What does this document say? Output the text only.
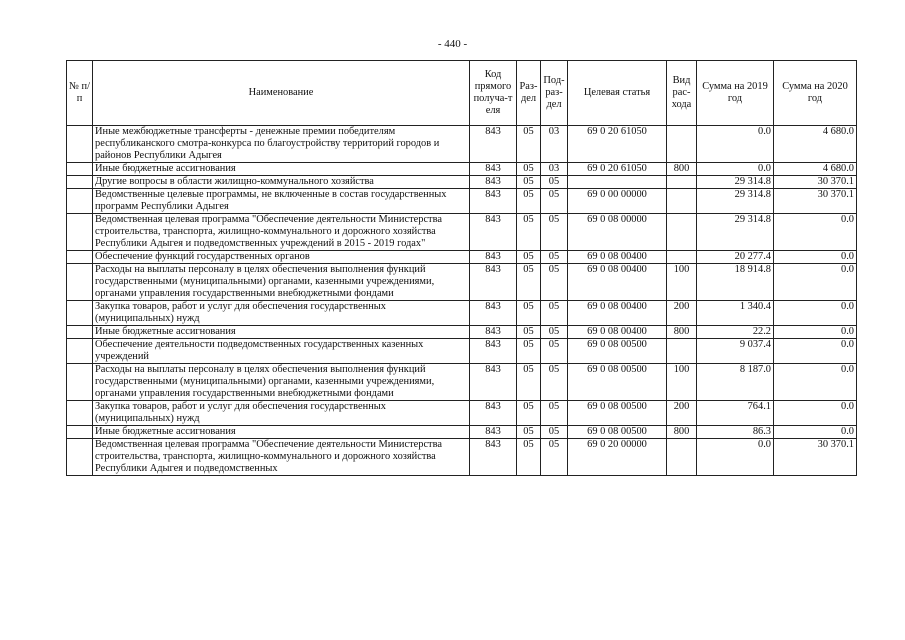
- 440 -
№ п/п	Наименование	Код прямого получа-т еля	Раз-дел	Под-раз-дел	Целевая статья	Вид рас-хода	Сумма на 2019 год	Сумма на 2020 год
	Иные межбюджетные трансферты - денежные премии победителям республиканского смотра-конкурса по благоустройству территорий городов и районов Республики Адыгея	843	05	03	69 0 20 61050		0.0	4 680.0
	Иные бюджетные ассигнования	843	05	03	69 0 20 61050	800	0.0	4 680.0
	Другие вопросы в области жилищно-коммунального хозяйства	843	05	05			29 314.8	30 370.1
	Ведомственные целевые программы, не включенные в состав государственных программ Республики Адыгея	843	05	05	69 0 00 00000		29 314.8	30 370.1
	Ведомственная целевая программа "Обеспечение деятельности Министерства строительства, транспорта, жилищно-коммунального и дорожного хозяйства Республики Адыгея и подведомственных учреждений в 2015 - 2019 годах"	843	05	05	69 0 08 00000		29 314.8	0.0
	Обеспечение функций государственных органов	843	05	05	69 0 08 00400		20 277.4	0.0
	Расходы на выплаты персоналу в целях обеспечения выполнения функций государственными (муниципальными) органами, казенными учреждениями, органами управления государственными внебюджетными фондами	843	05	05	69 0 08 00400	100	18 914.8	0.0
	Закупка товаров, работ и услуг для обеспечения государственных (муниципальных) нужд	843	05	05	69 0 08 00400	200	1 340.4	0.0
	Иные бюджетные ассигнования	843	05	05	69 0 08 00400	800	22.2	0.0
	Обеспечение деятельности подведомственных государственных казенных учреждений	843	05	05	69 0 08 00500		9 037.4	0.0
	Расходы на выплаты персоналу в целях обеспечения выполнения функций государственными (муниципальными) органами, казенными учреждениями, органами управления государственными внебюджетными фондами	843	05	05	69 0 08 00500	100	8 187.0	0.0
	Закупка товаров, работ и услуг для обеспечения государственных (муниципальных) нужд	843	05	05	69 0 08 00500	200	764.1	0.0
	Иные бюджетные ассигнования	843	05	05	69 0 08 00500	800	86.3	0.0
	Ведомственная целевая программа "Обеспечение деятельности Министерства строительства, транспорта, жилищно-коммунального и дорожного хозяйства Республики Адыгея и подведомственных	843	05	05	69 0 20 00000		0.0	30 370.1
